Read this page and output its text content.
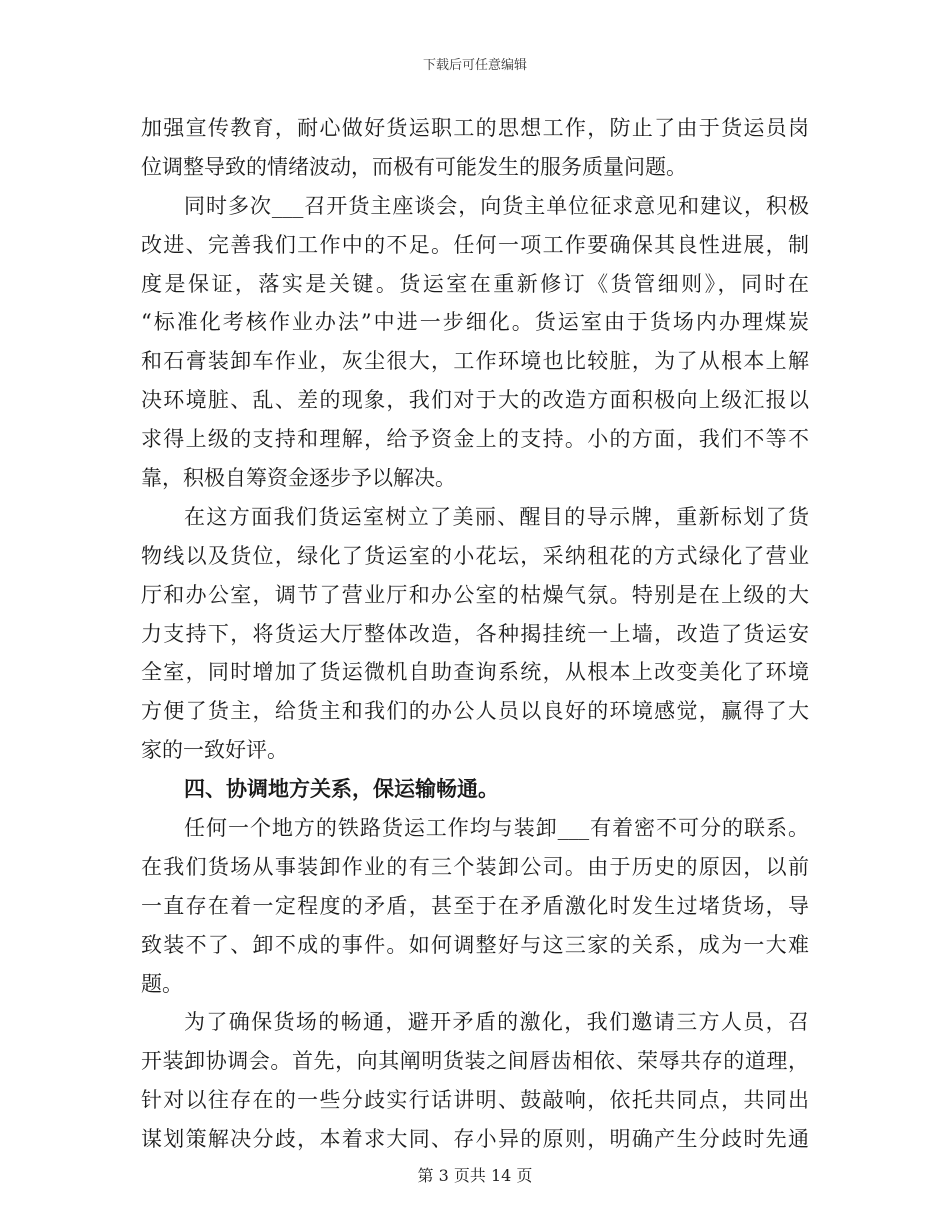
下载后可任意编辑
加强宣传教育，耐心做好货运职工的思想工作，防止了由于货运员岗
位调整导致的情绪波动，而极有可能发生的服务质量问题。
同时多次___召开货主座谈会，向货主单位征求意见和建议，积极
改进、完善我们工作中的不足。任何一项工作要确保其良性进展，制
度是保证，落实是关键。货运室在重新修订《货管细则》，同时在
“标准化考核作业办法”中进一步细化。货运室由于货场内办理煤炭
和石膏装卸车作业，灰尘很大，工作环境也比较脏，为了从根本上解
决环境脏、乱、差的现象，我们对于大的改造方面积极向上级汇报以
求得上级的支持和理解，给予资金上的支持。小的方面，我们不等不
靠，积极自筹资金逐步予以解决。
在这方面我们货运室树立了美丽、醒目的导示牌，重新标划了货
物线以及货位，绿化了货运室的小花坛，采纳租花的方式绿化了营业
厅和办公室，调节了营业厅和办公室的枯燥气氛。特别是在上级的大
力支持下，将货运大厅整体改造，各种揭挂统一上墙，改造了货运安
全室，同时增加了货运微机自助查询系统，从根本上改变美化了环境
方便了货主，给货主和我们的办公人员以良好的环境感觉，赢得了大
家的一致好评。
四、协调地方关系，保运输畅通。
任何一个地方的铁路货运工作均与装卸___有着密不可分的联系。
在我们货场从事装卸作业的有三个装卸公司。由于历史的原因，以前
一直存在着一定程度的矛盾，甚至于在矛盾激化时发生过堵货场，导
致装不了、卸不成的事件。如何调整好与这三家的关系，成为一大难
题。
为了确保货场的畅通，避开矛盾的激化，我们邀请三方人员，召
开装卸协调会。首先，向其阐明货装之间唇齿相依、荣辱共存的道理，
针对以往存在的一些分歧实行话讲明、鼓敲响，依托共同点，共同出
谋划策解决分歧，本着求大同、存小异的原则，明确产生分歧时先通
第 3 页共 14 页
